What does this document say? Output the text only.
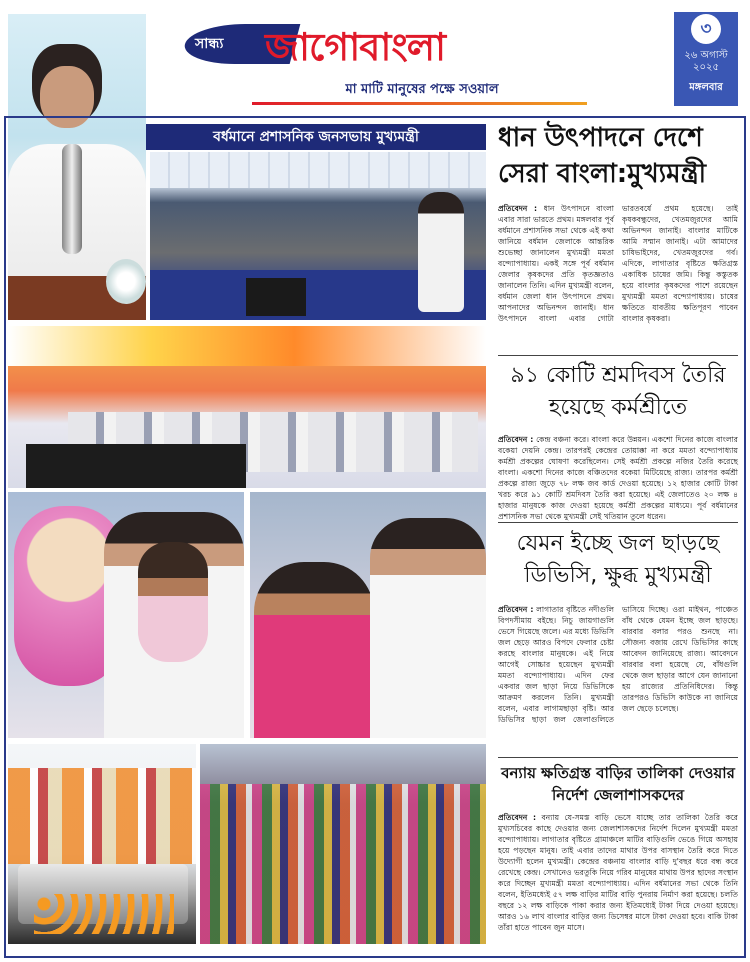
সান্ধ্য জাগোবাংলা
মা মাটি মানুষের পক্ষে সওয়াল
৩
২৬ অগাস্ট ২০২৫
মঙ্গলবার
বর্ধমানে প্রশাসনিক জনসভায় মুখ্যমন্ত্রী	ধান উৎপাদনে দেশে সেরা বাংলা:মুখ্যমন্ত্রী
প্রতিবেদন : ধান উৎপাদনে বাংলা এবার সারা ভারতে প্রথম। মঙ্গলবার পূর্ব বর্ধমানে প্রশাসনিক সভা থেকে এই কথা জানিয়ে বর্ধমান জেলাকে আন্তরিক শুভেচ্ছা জানালেন মুখ্যমন্ত্রী মমতা বন্দ্যোপাধ্যায়। একই সঙ্গে পূর্ব বর্ধমান জেলার কৃষকদের প্রতি কৃতজ্ঞতাও জানালেন তিনি। এদিন মুখ্যমন্ত্রী বলেন, বর্ধমান জেলা ধান উৎপাদনে প্রথম। আপনাদের অভিনন্দন জানাই। ধান উৎপাদনে বাংলা এবার গোটা ভারতবর্ষে প্রথম হয়েছে। তাই কৃষকবন্ধুদের, খেতমজুরদের আমি অভিনন্দন জানাই। বাংলার মাটিকে আমি সম্মান জানাই। এটা আমাদের চাষিভাইদের, খেতমজুরদের গর্ব। এদিকে, লাগাতার বৃষ্টিতে ক্ষতিগ্রস্ত একাধিক চাষের জমি। কিন্তু কস্তুতক হয়ে বাংলার কৃষকদের পাশে রয়েছেন মুখ্যমন্ত্রী মমতা বন্দ্যোপাধ্যায়। চাষের ক্ষতিতে যাবতীয় ক্ষতিপূরণ পাবেন বাংলার কৃষকরা।
৯১ কোটি শ্রমদিবস তৈরি হয়েছে কর্মশ্রীতে
প্রতিবেদন : কেন্দ্র বঞ্চনা করে। বাংলা করে উন্নয়ন। একশো দিনের কাজে বাংলার বকেয়া দেয়নি কেন্দ্র। তারপরই কেন্দ্রের তোয়াক্কা না করে মমতা বন্দ্যোপাধ্যায় কর্মশ্রী প্রকল্পের ঘোষণা করেছিলেন। সেই কর্মশ্রী প্রকল্পে নজির তৈরি করেছে বাংলা। একশো দিনের কাজে বঞ্চিতদের বকেয়া মিটিয়েছে রাজ্য। তারপর কর্মশ্রী প্রকল্পে রাজ্য জুড়ে ৭৮ লক্ষ জব কার্ড দেওয়া হয়েছে। ১২ হাজার কোটি টাকা খরচ করে ৯১ কোটি শ্রমদিবস তৈরি করা হয়েছে। এই জেলাতেও ২০ লক্ষ ৪ হাজার মানুষকে কাজ দেওয়া হয়েছে কর্মশ্রী প্রকল্পের মাধ্যমে। পূর্ব বর্ধমানের প্রশাসনিক সভা থেকে মুখ্যমন্ত্রী সেই খতিয়ান তুলে ধরেন।
যেমন ইচ্ছে জল ছাড়ছে ডিভিসি, ক্ষুব্ধ মুখ্যমন্ত্রী
প্রতিবেদন : লাগাতার বৃষ্টিতে নদীগুলি বিপদসীমায় বইছে। নিচু জায়গাগুলি ভেসে গিয়েছে জলে। এর মধ্যে ডিভিসি জল ছেড়ে আরও বিপদে ফেলার চেষ্টা করছে বাংলার মানুষকে। এই নিয়ে আগেই সোচ্চার হয়েছেন মুখ্যমন্ত্রী মমতা বন্দ্যোপাধ্যায়। এদিন ফের একবার জল ছাড়া নিয়ে ডিভিসিকে আক্রমণ করলেন তিনি। মুখ্যমন্ত্রী বলেন, এবার লাগামছাড়া বৃষ্টি। আর ডিভিসির ছাড়া জল জেলাগুলিতে ভাসিয়ে দিচ্ছে। ওরা মাইথন, পাঞ্চেত বাঁধ থেকে যেমন ইচ্ছে জল ছাড়ছে। বারবার বলার পরও শুনছে না। সৌজন্য বজায় রেখে ডিভিসির কাছে আবেদন জানিয়েছে রাজ্য। আবেদনে বারবার বলা হয়েছে যে, বাঁধগুলি থেকে জল ছাড়ার আগে যেন জানানো হয় রাজ্যের প্রতিনিধিদের। কিন্তু তারপরও ডিভিসি কাউকে না জানিয়ে জল ছেড়ে চলেছে।
বন্যায় ক্ষতিগ্রস্ত বাড়ির তালিকা দেওয়ার নির্দেশ জেলাশাসকদের
প্রতিবেদন : বন্যায় যে-সমস্ত বাড়ি ভেসে যাচ্ছে তার তালিকা তৈরি করে মুখ্যসচিবের কাছে দেওয়ার জন্য জেলাশাসকদের নির্দেশ দিলেন মুখ্যমন্ত্রী মমতা বন্দ্যোপাধ্যায়। লাগাতার বৃষ্টিতে গ্রামাঞ্চলে মাটির বাড়িগুলি ভেঙে গিয়ে অসহায় হয়ে পড়ছেন মানুষ। তাই এবার তাদের মাথার উপর বাসস্থান তৈরি করে দিতে উদ্যোগী হলেন মুখ্যমন্ত্রী। কেন্দ্রের বঞ্চনায় বাংলার বাড়ি দু'বছর ধরে বন্ধ করে রেখেছে কেন্দ্র। সেখানেও ভরতুকি নিয়ে গরিব মানুষের মাথায় উপর ছাদের সংস্থান করে দিচ্ছেন মুখ্যমন্ত্রী মমতা বন্দ্যোপাধ্যায়। এদিন বর্ধমানের সভা থেকে তিনি বলেন, ইতিমধ্যেই ৫৭ লক্ষ বাড়ির মাটির বাড়ি পুনরায় নির্মাণ করা হয়েছে। চলতি বছরে ১২ লক্ষ বাড়িকে পাকা করার জন্য ইতিমধ্যেই টাকা দিয়ে দেওয়া হয়েছে। আরও ১৬ লাখ বাংলার বাড়ির জন্য ডিসেম্বর মাসে টাকা দেওয়া হবে। বাকি টাকা তাঁরা হাতে পাবেন জুন মাসে।
